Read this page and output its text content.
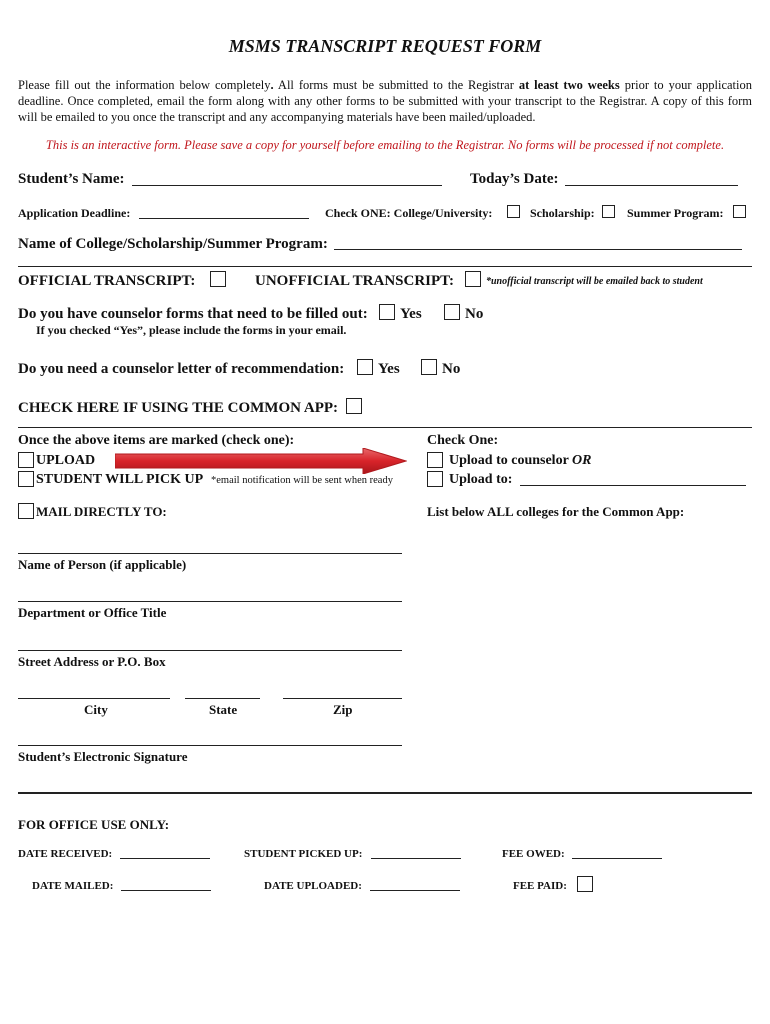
MSMS TRANSCRIPT REQUEST FORM
Please fill out the information below completely. All forms must be submitted to the Registrar at least two weeks prior to your application deadline. Once completed, email the form along with any other forms to be submitted with your transcript to the Registrar. A copy of this form will be emailed to you once the transcript and any accompanying materials have been mailed/uploaded.
This is an interactive form. Please save a copy for yourself before emailing to the Registrar. No forms will be processed if not complete.
Student’s Name:	Today’s Date:
Application Deadline:	Check ONE: College/University:	Scholarship:	Summer Program:
Name of College/Scholarship/Summer Program:
OFFICIAL TRANSCRIPT:	UNOFFICIAL TRANSCRIPT:	*unofficial transcript will be emailed back to student
Do you have counselor forms that need to be filled out: Yes	No
If you checked “Yes”, please include the forms in your email.
Do you need a counselor letter of recommendation: Yes	No
CHECK HERE IF USING THE COMMON APP:
Once the above items are marked (check one):
UPLOAD
STUDENT WILL PICK UP *email notification will be sent when ready
MAIL DIRECTLY TO:
Check One:
Upload to counselor OR
Upload to:
List below ALL colleges for the Common App:
Name of Person (if applicable)
Department or Office Title
Street Address or P.O. Box
City	State	Zip
Student’s Electronic Signature
FOR OFFICE USE ONLY:
DATE RECEIVED:	STUDENT PICKED UP:	FEE OWED:
DATE MAILED:	DATE UPLOADED:	FEE PAID:
